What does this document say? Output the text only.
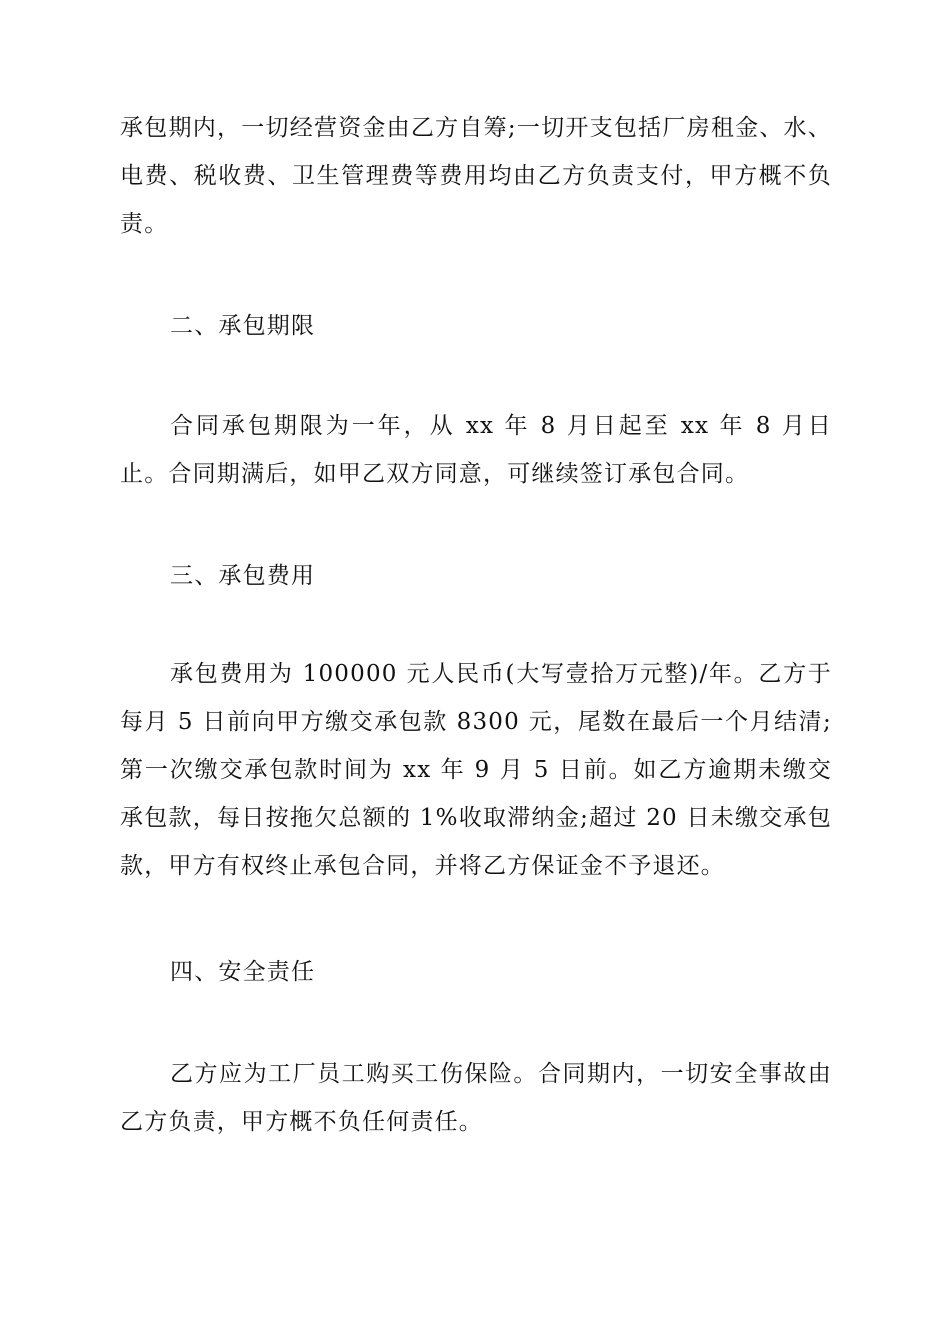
承包期内，一切经营资金由乙方自筹;一切开支包括厂房租金、水、电费、税收费、卫生管理费等费用均由乙方负责支付，甲方概不负责。

二、承包期限

合同承包期限为一年，从 xx 年 8 月日起至 xx 年 8 月日止。合同期满后，如甲乙双方同意，可继续签订承包合同。

三、承包费用

承包费用为 100000 元人民币(大写壹拾万元整)/年。乙方于每月 5 日前向甲方缴交承包款 8300 元，尾数在最后一个月结清;第一次缴交承包款时间为 xx 年 9 月 5 日前。如乙方逾期未缴交承包款，每日按拖欠总额的 1%收取滞纳金;超过 20 日未缴交承包款，甲方有权终止承包合同，并将乙方保证金不予退还。

四、安全责任

乙方应为工厂员工购买工伤保险。合同期内，一切安全事故由乙方负责，甲方概不负任何责任。
